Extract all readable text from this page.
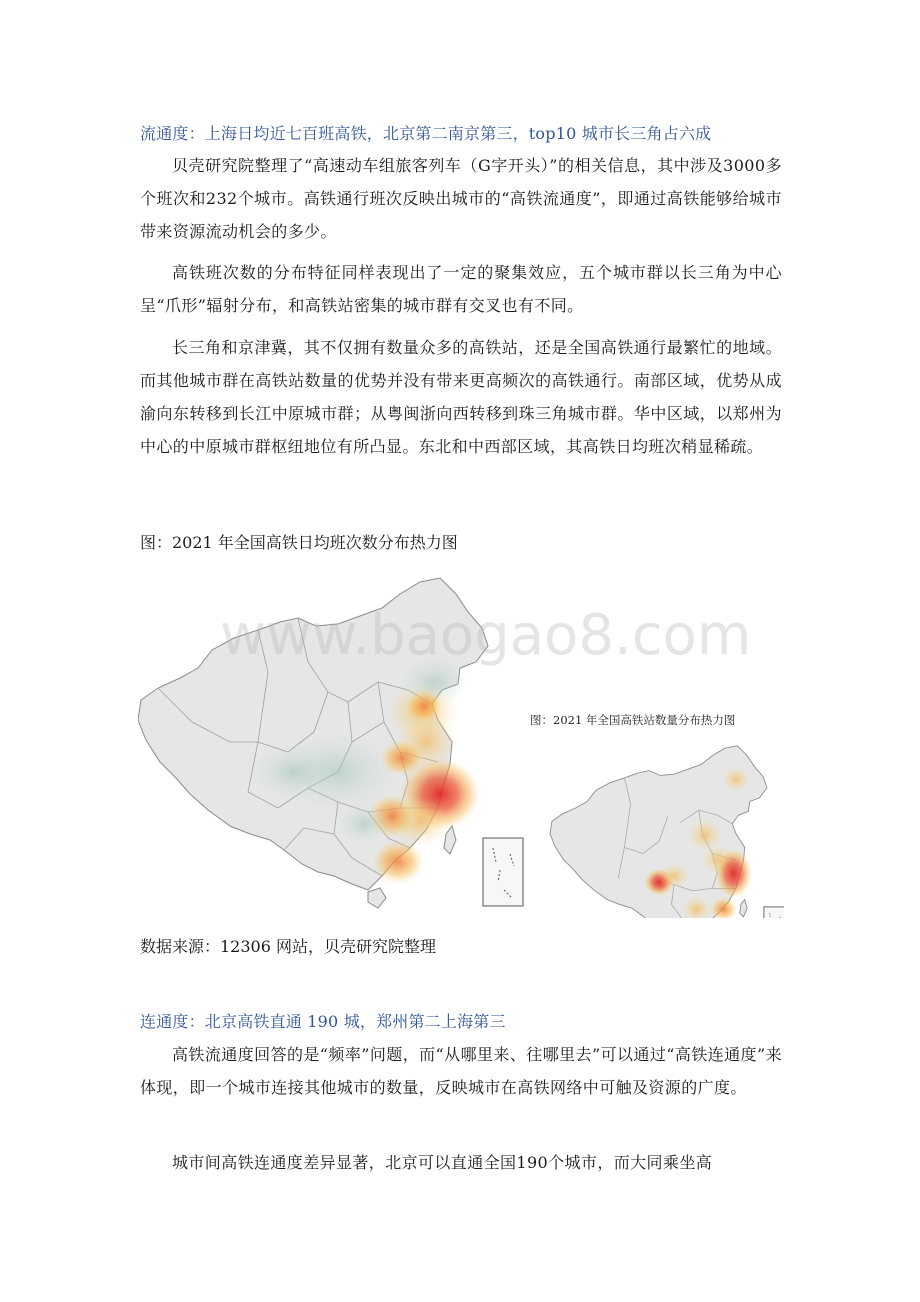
流通度：上海日均近七百班高铁，北京第二南京第三，top10 城市长三角占六成

贝壳研究院整理了“高速动车组旅客列车（G字开头）”的相关信息，其中涉及3000多个班次和232个城市。高铁通行班次反映出城市的“高铁流通度”，即通过高铁能够给城市带来资源流动机会的多少。

高铁班次数的分布特征同样表现出了一定的聚集效应，五个城市群以长三角为中心呈“爪形”辐射分布，和高铁站密集的城市群有交叉也有不同。

长三角和京津冀，其不仅拥有数量众多的高铁站，还是全国高铁通行最繁忙的地域。而其他城市群在高铁站数量的优势并没有带来更高频次的高铁通行。南部区域，优势从成渝向东转移到长江中原城市群；从粤闽浙向西转移到珠三角城市群。华中区域，以郑州为中心的中原城市群枢纽地位有所凸显。东北和中西部区域，其高铁日均班次稍显稀疏。

图：2021 年全国高铁日均班次数分布热力图
www.baogao8.com
图：2021 年全国高铁站数量分布热力图
数据来源：12306 网站，贝壳研究院整理
连通度：北京高铁直通 190 城，郑州第二上海第三

高铁流通度回答的是“频率”问题，而“从哪里来、往哪里去”可以通过“高铁连通度”来体现，即一个城市连接其他城市的数量，反映城市在高铁网络中可触及资源的广度。

城市间高铁连通度差异显著，北京可以直通全国190个城市，而大同乘坐高
